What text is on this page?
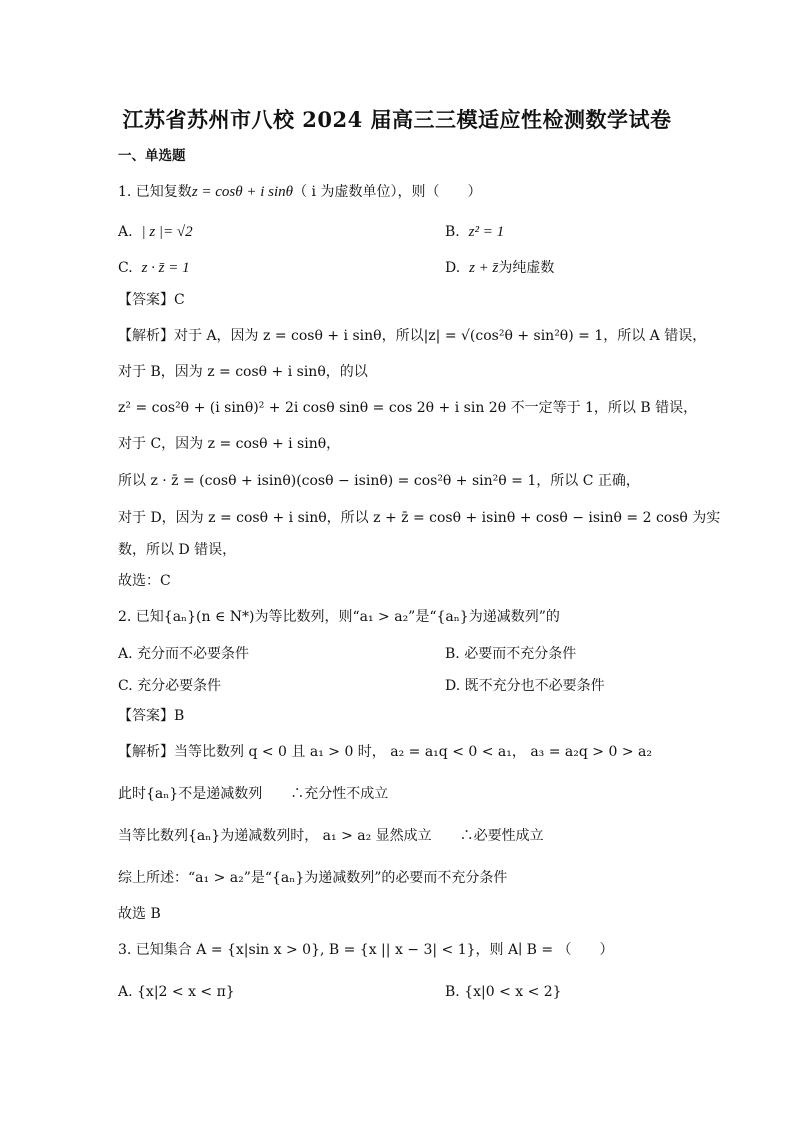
江苏省苏州市八校 2024 届高三三模适应性检测数学试卷
一、单选题
1. 已知复数z = cosθ + i sinθ（ i 为虚数单位），则（　　）
A. | z |= √2	B. z² = 1
C. z · z̄ = 1	D. z + z̄为纯虚数
【答案】C
【解析】对于 A，因为 z = cosθ + i sinθ，所以|z| = √(cos²θ + sin²θ) = 1，所以 A 错误，
对于 B，因为 z = cosθ + i sinθ，的以
z² = cos²θ + (i sinθ)² + 2i cosθ sinθ = cos 2θ + i sin 2θ 不一定等于 1，所以 B 错误，
对于 C，因为 z = cosθ + i sinθ，
所以 z · z̄ = (cosθ + isinθ)(cosθ − isinθ) = cos²θ + sin²θ = 1，所以 C 正确，
对于 D，因为 z = cosθ + i sinθ，所以 z + z̄ = cosθ + isinθ + cosθ − isinθ = 2 cosθ 为实
数，所以 D 错误，
故选：C
2. 已知{aₙ}(n ∈ N*)为等比数列，则“a₁ > a₂”是“{aₙ}为递减数列”的
A. 充分而不必要条件	B. 必要而不充分条件
C. 充分必要条件	D. 既不充分也不必要条件
【答案】B
【解析】当等比数列 q < 0 且 a₁ > 0 时， a₂ = a₁q < 0 < a₁， a₃ = a₂q > 0 > a₂
此时{aₙ}不是递减数列　　∴充分性不成立
当等比数列{aₙ}为递减数列时， a₁ > a₂ 显然成立　　∴必要性成立
综上所述：“a₁ > a₂”是“{aₙ}为递减数列”的必要而不充分条件
故选 B
3. 已知集合 A = {x|sin x > 0}, B = {x || x − 3| < 1}，则 A∣ B = （　　）
A. {x|2 < x < π}	B. {x|0 < x < 2}
